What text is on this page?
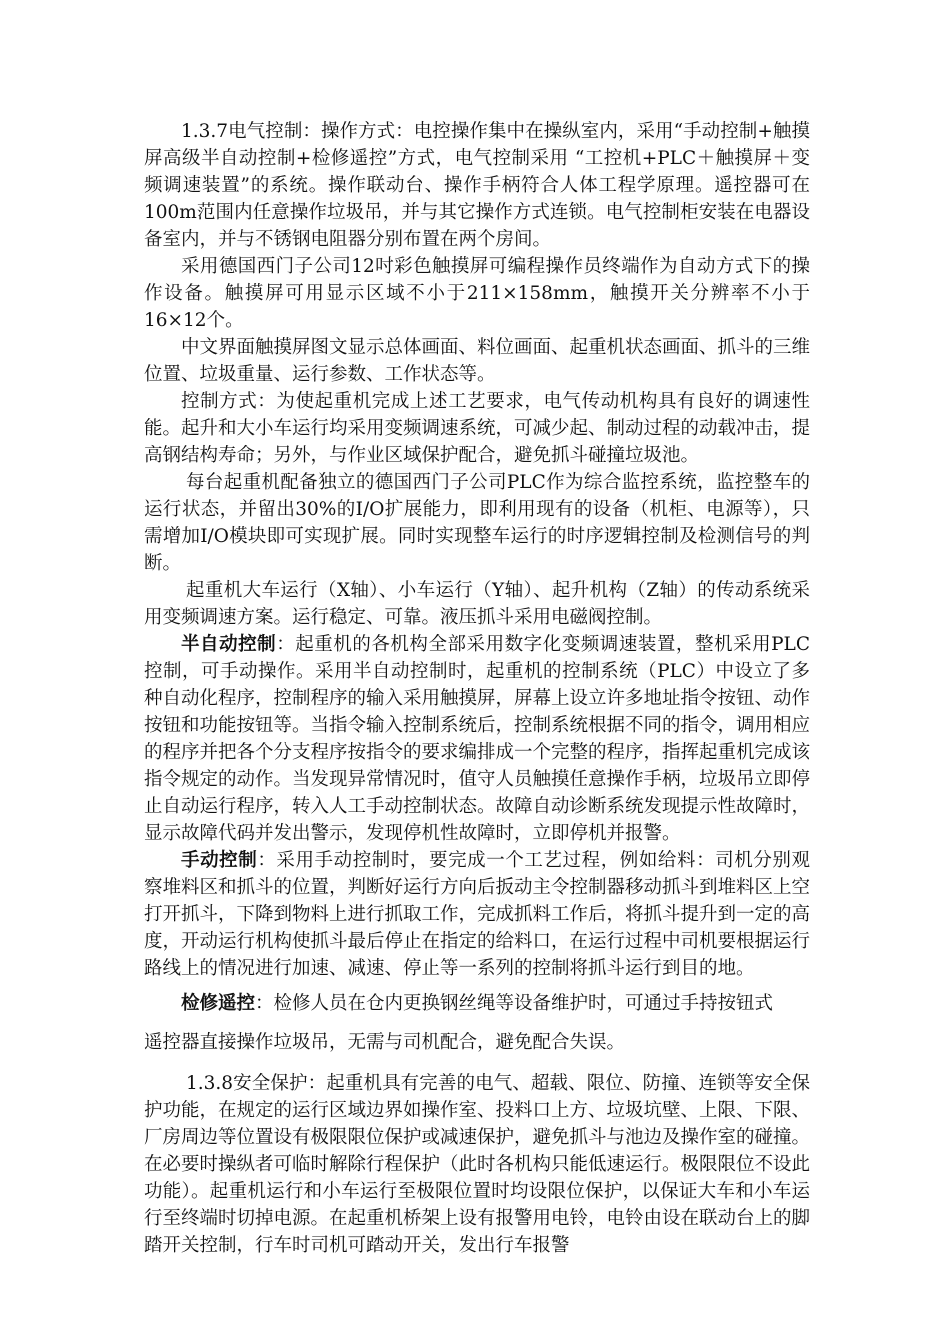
1.3.7电气控制：操作方式：电控操作集中在操纵室内，采用“手动控制+触摸屏高级半自动控制+检修遥控”方式，电气控制采用 “工控机+PLC＋触摸屏＋变频调速装置”的系统。操作联动台、操作手柄符合人体工程学原理。遥控器可在100m范围内任意操作垃圾吊，并与其它操作方式连锁。电气控制柜安装在电器设备室内，并与不锈钢电阻器分别布置在两个房间。

采用德国西门子公司12吋彩色触摸屏可编程操作员终端作为自动方式下的操作设备。触摸屏可用显示区域不小于211×158mm，触摸开关分辨率不小于16×12个。

中文界面触摸屏图文显示总体画面、料位画面、起重机状态画面、抓斗的三维位置、垃圾重量、运行参数、工作状态等。

控制方式：为使起重机完成上述工艺要求，电气传动机构具有良好的调速性能。起升和大小车运行均采用变频调速系统，可减少起、制动过程的动载冲击，提高钢结构寿命；另外，与作业区域保护配合，避免抓斗碰撞垃圾池。

每台起重机配备独立的德国西门子公司PLC作为综合监控系统，监控整车的运行状态，并留出30%的I/O扩展能力，即利用现有的设备（机柜、电源等），只需增加I/O模块即可实现扩展。同时实现整车运行的时序逻辑控制及检测信号的判断。

起重机大车运行（X轴）、小车运行（Y轴）、起升机构（Z轴）的传动系统采用变频调速方案。运行稳定、可靠。液压抓斗采用电磁阀控制。

半自动控制：起重机的各机构全部采用数字化变频调速装置，整机采用PLC控制，可手动操作。采用半自动控制时，起重机的控制系统（PLC）中设立了多种自动化程序，控制程序的输入采用触摸屏，屏幕上设立许多地址指令按钮、动作按钮和功能按钮等。当指令输入控制系统后，控制系统根据不同的指令，调用相应的程序并把各个分支程序按指令的要求编排成一个完整的程序，指挥起重机完成该指令规定的动作。当发现异常情况时，值守人员触摸任意操作手柄，垃圾吊立即停止自动运行程序，转入人工手动控制状态。故障自动诊断系统发现提示性故障时，显示故障代码并发出警示，发现停机性故障时，立即停机并报警。

手动控制：采用手动控制时，要完成一个工艺过程，例如给料：司机分别观察堆料区和抓斗的位置，判断好运行方向后扳动主令控制器移动抓斗到堆料区上空打开抓斗，下降到物料上进行抓取工作，完成抓料工作后，将抓斗提升到一定的高度，开动运行机构使抓斗最后停止在指定的给料口，在运行过程中司机要根据运行路线上的情况进行加速、减速、停止等一系列的控制将抓斗运行到目的地。

检修遥控：检修人员在仓内更换钢丝绳等设备维护时，可通过手持按钮式

遥控器直接操作垃圾吊，无需与司机配合，避免配合失误。

1.3.8安全保护：起重机具有完善的电气、超载、限位、防撞、连锁等安全保护功能，在规定的运行区域边界如操作室、投料口上方、垃圾坑壁、上限、下限、厂房周边等位置设有极限限位保护或减速保护，避免抓斗与池边及操作室的碰撞。在必要时操纵者可临时解除行程保护（此时各机构只能低速运行。极限限位不设此功能）。起重机运行和小车运行至极限位置时均设限位保护，以保证大车和小车运行至终端时切掉电源。在起重机桥架上设有报警用电铃，电铃由设在联动台上的脚踏开关控制，行车时司机可踏动开关，发出行车报警
